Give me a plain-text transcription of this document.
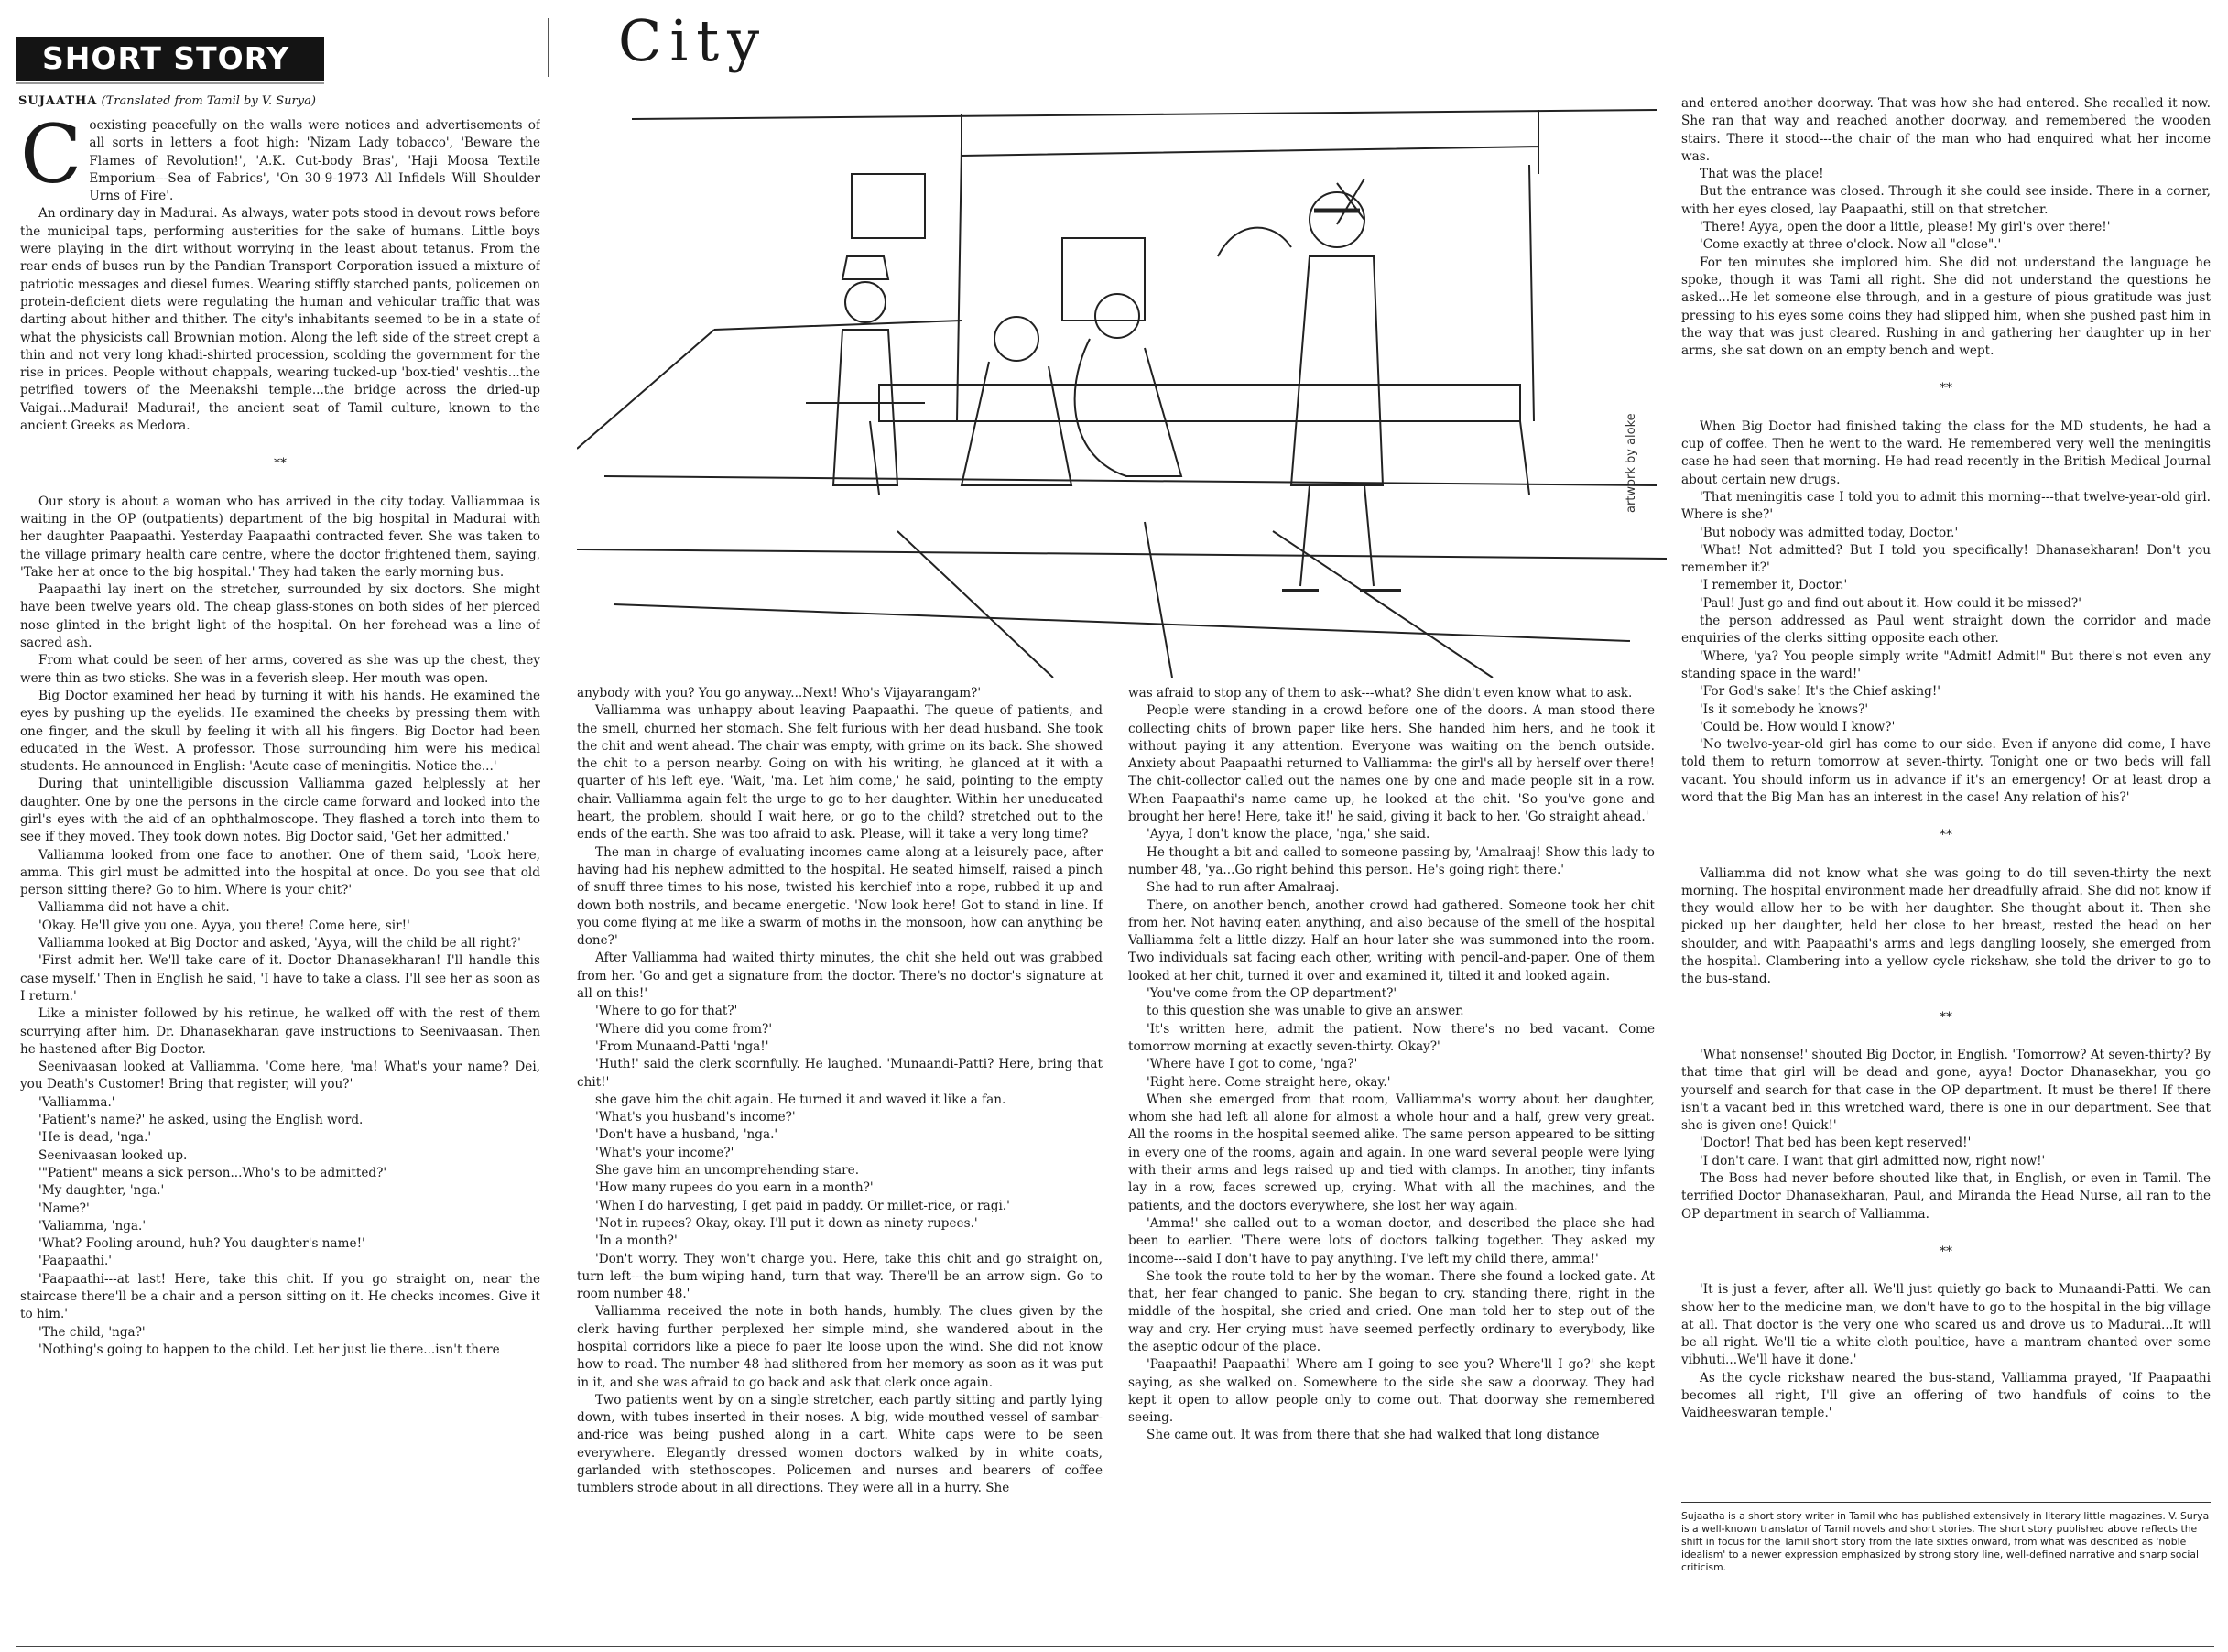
SHORT STORY	City
SUJAATHA (Translated from Tamil by V. Surya)
artwork by aloke

Coexisting peacefully on the walls were notices and advertisements of all sorts in letters a foot high: 'Nizam Lady tobacco', 'Beware the Flames of Revolution!', 'A.K. Cut-body Bras', 'Haji Moosa Textile Emporium---Sea of Fabrics', 'On 30-9-1973 All Infidels Will Shoulder Urns of Fire'.

An ordinary day in Madurai. As always, water pots stood in devout rows before the municipal taps, performing austerities for the sake of humans. Little boys were playing in the dirt without worrying in the least about tetanus. From the rear ends of buses run by the Pandian Transport Corporation issued a mixture of patriotic messages and diesel fumes. Wearing stiffly starched pants, policemen on protein-deficient diets were regulating the human and vehicular traffic that was darting about hither and thither. The city's inhabitants seemed to be in a state of what the physicists call Brownian motion. Along the left side of the street crept a thin and not very long khadi-shirted procession, scolding the government for the rise in prices. People without chappals, wearing tucked-up 'box-tied' veshtis...the petrified towers of the Meenakshi temple...the bridge across the dried-up Vaigai...Madurai! Madurai!, the ancient seat of Tamil culture, known to the ancient Greeks as Medora.

**

Our story is about a woman who has arrived in the city today. Valliammaa is waiting in the OP (outpatients) department of the big hospital in Madurai with her daughter Paapaathi. Yesterday Paapaathi contracted fever. She was taken to the village primary health care centre, where the doctor frightened them, saying, 'Take her at once to the big hospital.' They had taken the early morning bus.

Paapaathi lay inert on the stretcher, surrounded by six doctors. She might have been twelve years old. The cheap glass-stones on both sides of her pierced nose glinted in the bright light of the hospital. On her forehead was a line of sacred ash.

From what could be seen of her arms, covered as she was up the chest, they were thin as two sticks. She was in a feverish sleep. Her mouth was open.

Big Doctor examined her head by turning it with his hands. He examined the eyes by pushing up the eyelids. He examined the cheeks by pressing them with one finger, and the skull by feeling it with all his fingers. Big Doctor had been educated in the West. A professor. Those surrounding him were his medical students. He announced in English: 'Acute case of meningitis. Notice the...'

During that unintelligible discussion Valliamma gazed helplessly at her daughter. One by one the persons in the circle came forward and looked into the girl's eyes with the aid of an ophthalmoscope. They flashed a torch into them to see if they moved. They took down notes. Big Doctor said, 'Get her admitted.'

Valliamma looked from one face to another. One of them said, 'Look here, amma. This girl must be admitted into the hospital at once. Do you see that old person sitting there? Go to him. Where is your chit?'

Valliamma did not have a chit.

'Okay. He'll give you one. Ayya, you there! Come here, sir!'

Valliamma looked at Big Doctor and asked, 'Ayya, will the child be all right?'

'First admit her. We'll take care of it. Doctor Dhanasekharan! I'll handle this case myself.' Then in English he said, 'I have to take a class. I'll see her as soon as I return.'

Like a minister followed by his retinue, he walked off with the rest of them scurrying after him. Dr. Dhanasekharan gave instructions to Seenivaasan. Then he hastened after Big Doctor.

Seenivaasan looked at Valliamma. 'Come here, 'ma! What's your name? Dei, you Death's Customer! Bring that register, will you?'

'Valliamma.'

'Patient's name?' he asked, using the English word.

'He is dead, 'nga.'

Seenivaasan looked up.

'"Patient" means a sick person...Who's to be admitted?'

'My daughter, 'nga.'

'Name?'

'Valiamma, 'nga.'

'What? Fooling around, huh? You daughter's name!'

'Paapaathi.'

'Paapaathi---at last! Here, take this chit. If you go straight on, near the staircase there'll be a chair and a person sitting on it. He checks incomes. Give it to him.'

'The child, 'nga?'

'Nothing's going to happen to the child. Let her just lie there...isn't there

anybody with you? You go anyway...Next! Who's Vijayarangam?'

Valliamma was unhappy about leaving Paapaathi. The queue of patients, and the smell, churned her stomach. She felt furious with her dead husband. She took the chit and went ahead. The chair was empty, with grime on its back. She showed the chit to a person nearby. Going on with his writing, he glanced at it with a quarter of his left eye. 'Wait, 'ma. Let him come,' he said, pointing to the empty chair. Valliamma again felt the urge to go to her daughter. Within her uneducated heart, the problem, should I wait here, or go to the child? stretched out to the ends of the earth. She was too afraid to ask. Please, will it take a very long time?

The man in charge of evaluating incomes came along at a leisurely pace, after having had his nephew admitted to the hospital. He seated himself, raised a pinch of snuff three times to his nose, twisted his kerchief into a rope, rubbed it up and down both nostrils, and became energetic. 'Now look here! Got to stand in line. If you come flying at me like a swarm of moths in the monsoon, how can anything be done?'

After Valliamma had waited thirty minutes, the chit she held out was grabbed from her. 'Go and get a signature from the doctor. There's no doctor's signature at all on this!'

'Where to go for that?'

'Where did you come from?'

'From Munaand-Patti 'nga!'

'Huth!' said the clerk scornfully. He laughed. 'Munaandi-Patti? Here, bring that chit!'

she gave him the chit again. He turned it and waved it like a fan.

'What's you husband's income?'

'Don't have a husband, 'nga.'

'What's your income?'

She gave him an uncomprehending stare.

'How many rupees do you earn in a month?'

'When I do harvesting, I get paid in paddy. Or millet-rice, or ragi.'

'Not in rupees? Okay, okay. I'll put it down as ninety rupees.'

'In a month?'

'Don't worry. They won't charge you. Here, take this chit and go straight on, turn left---the bum-wiping hand, turn that way. There'll be an arrow sign. Go to room number 48.'

Valliamma received the note in both hands, humbly. The clues given by the clerk having further perplexed her simple mind, she wandered about in the hospital corridors like a piece fo paer lte loose upon the wind. She did not know how to read. The number 48 had slithered from her memory as soon as it was put in it, and she was afraid to go back and ask that clerk once again.

Two patients went by on a single stretcher, each partly sitting and partly lying down, with tubes inserted in their noses. A big, wide-mouthed vessel of sambar-and-rice was being pushed along in a cart. White caps were to be seen everywhere. Elegantly dressed women doctors walked by in white coats, garlanded with stethoscopes. Policemen and nurses and bearers of coffee tumblers strode about in all directions. They were all in a hurry. She

was afraid to stop any of them to ask---what? She didn't even know what to ask.

People were standing in a crowd before one of the doors. A man stood there collecting chits of brown paper like hers. She handed him hers, and he took it without paying it any attention. Everyone was waiting on the bench outside. Anxiety about Paapaathi returned to Valliamma: the girl's all by herself over there! The chit-collector called out the names one by one and made people sit in a row. When Paapaathi's name came up, he looked at the chit. 'So you've gone and brought her here! Here, take it!' he said, giving it back to her. 'Go straight ahead.'

'Ayya, I don't know the place, 'nga,' she said.

He thought a bit and called to someone passing by, 'Amalraaj! Show this lady to number 48, 'ya...Go right behind this person. He's going right there.'

She had to run after Amalraaj.

There, on another bench, another crowd had gathered. Someone took her chit from her. Not having eaten anything, and also because of the smell of the hospital Valliamma felt a little dizzy. Half an hour later she was summoned into the room. Two individuals sat facing each other, writing with pencil-and-paper. One of them looked at her chit, turned it over and examined it, tilted it and looked again.

'You've come from the OP department?'

to this question she was unable to give an answer.

'It's written here, admit the patient. Now there's no bed vacant. Come tomorrow morning at exactly seven-thirty. Okay?'

'Where have I got to come, 'nga?'

'Right here. Come straight here, okay.'

When she emerged from that room, Valliamma's worry about her daughter, whom she had left all alone for almost a whole hour and a half, grew very great. All the rooms in the hospital seemed alike. The same person appeared to be sitting in every one of the rooms, again and again. In one ward several people were lying with their arms and legs raised up and tied with clamps. In another, tiny infants lay in a row, faces screwed up, crying. What with all the machines, and the patients, and the doctors everywhere, she lost her way again.

'Amma!' she called out to a woman doctor, and described the place she had been to earlier. 'There were lots of doctors talking together. They asked my income---said I don't have to pay anything. I've left my child there, amma!'

She took the route told to her by the woman. There she found a locked gate. At that, her fear changed to panic. She began to cry. standing there, right in the middle of the hospital, she cried and cried. One man told her to step out of the way and cry. Her crying must have seemed perfectly ordinary to everybody, like the aseptic odour of the place.

'Paapaathi! Paapaathi! Where am I going to see you? Where'll I go?' she kept saying, as she walked on. Somewhere to the side she saw a doorway. They had kept it open to allow people only to come out. That doorway she remembered seeing.

She came out. It was from there that she had walked that long distance

and entered another doorway. That was how she had entered. She recalled it now. She ran that way and reached another doorway, and remembered the wooden stairs. There it stood---the chair of the man who had enquired what her income was.

That was the place!

But the entrance was closed. Through it she could see inside. There in a corner, with her eyes closed, lay Paapaathi, still on that stretcher.

'There! Ayya, open the door a little, please! My girl's over there!'

'Come exactly at three o'clock. Now all "close".'

For ten minutes she implored him. She did not understand the language he spoke, though it was Tami all right. She did not understand the questions he asked...He let someone else through, and in a gesture of pious gratitude was just pressing to his eyes some coins they had slipped him, when she pushed past him in the way that was just cleared. Rushing in and gathering her daughter up in her arms, she sat down on an empty bench and wept.

**

When Big Doctor had finished taking the class for the MD students, he had a cup of coffee. Then he went to the ward. He remembered very well the meningitis case he had seen that morning. He had read recently in the British Medical Journal about certain new drugs.

'That meningitis case I told you to admit this morning---that twelve-year-old girl. Where is she?'

'But nobody was admitted today, Doctor.'

'What! Not admitted? But I told you specifically! Dhanasekharan! Don't you remember it?'

'I remember it, Doctor.'

'Paul! Just go and find out about it. How could it be missed?'

the person addressed as Paul went straight down the corridor and made enquiries of the clerks sitting opposite each other.

'Where, 'ya? You people simply write "Admit! Admit!" But there's not even any standing space in the ward!'

'For God's sake! It's the Chief asking!'

'Is it somebody he knows?'

'Could be. How would I know?'

'No twelve-year-old girl has come to our side. Even if anyone did come, I have told them to return tomorrow at seven-thirty. Tonight one or two beds will fall vacant. You should inform us in advance if it's an emergency! Or at least drop a word that the Big Man has an interest in the case! Any relation of his?'

**

Valliamma did not know what she was going to do till seven-thirty the next morning. The hospital environment made her dreadfully afraid. She did not know if they would allow her to be with her daughter. She thought about it. Then she picked up her daughter, held her close to her breast, rested the head on her shoulder, and with Paapaathi's arms and legs dangling loosely, she emerged from the hospital. Clambering into a yellow cycle rickshaw, she told the driver to go to the bus-stand.

**

'What nonsense!' shouted Big Doctor, in English. 'Tomorrow? At seven-thirty? By that time that girl will be dead and gone, ayya! Doctor Dhanasekhar, you go yourself and search for that case in the OP department. It must be there! If there isn't a vacant bed in this wretched ward, there is one in our department. See that she is given one! Quick!'

'Doctor! That bed has been kept reserved!'

'I don't care. I want that girl admitted now, right now!'

The Boss had never before shouted like that, in English, or even in Tamil. The terrified Doctor Dhanasekharan, Paul, and Miranda the Head Nurse, all ran to the OP department in search of Valliamma.

**

'It is just a fever, after all. We'll just quietly go back to Munaandi-Patti. We can show her to the medicine man, we don't have to go to the hospital in the big village at all. That doctor is the very one who scared us and drove us to Madurai...It will be all right. We'll tie a white cloth poultice, have a mantram chanted over some vibhuti...We'll have it done.'

As the cycle rickshaw neared the bus-stand, Valliamma prayed, 'If Paapaathi becomes all right, I'll give an offering of two handfuls of coins to the Vaidheeswaran temple.'

Sujaatha is a short story writer in Tamil who has published extensively in literary little magazines. V. Surya is a well-known translator of Tamil novels and short stories. The short story published above reflects the shift in focus for the Tamil short story from the late sixties onward, from what was described as 'noble idealism' to a newer expression emphasized by strong story line, well-defined narrative and sharp social criticism.
